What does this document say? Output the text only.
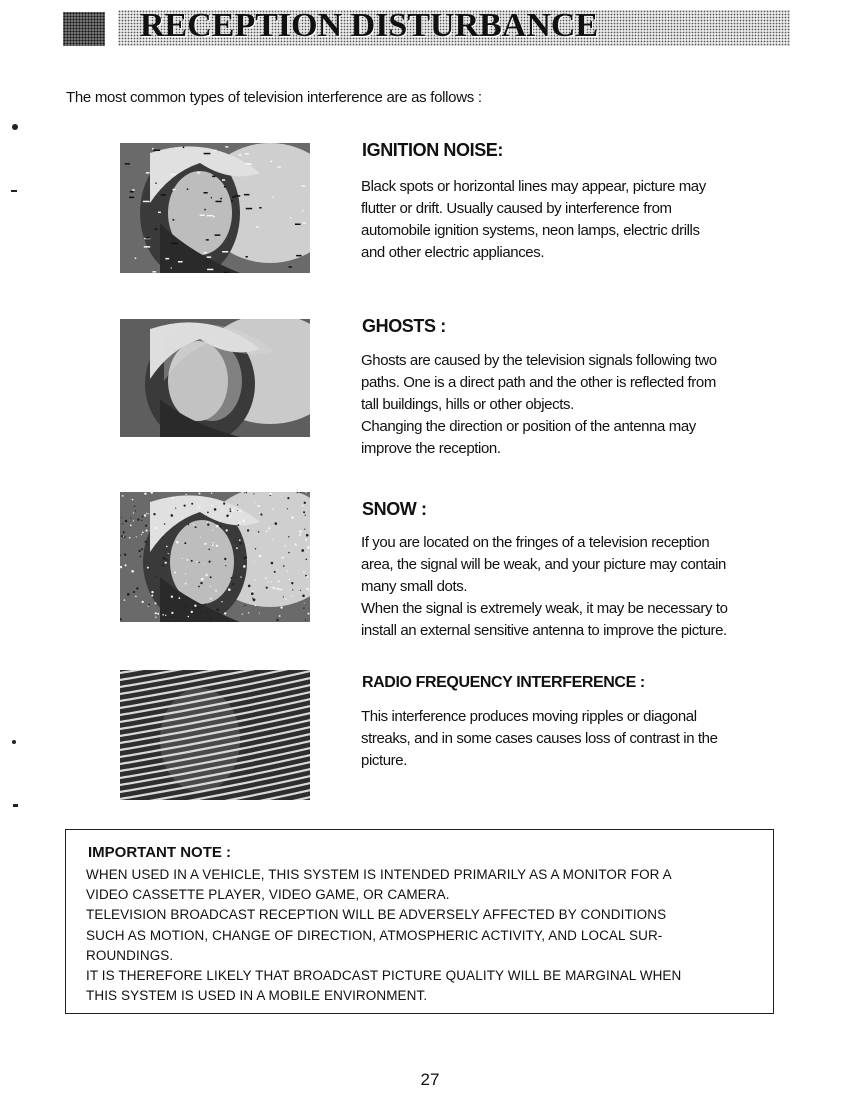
RECEPTION DISTURBANCE
The most common types of television interference are as follows :
IGNITION NOISE:

Black spots or horizontal lines may appear, picture may

flutter or drift. Usually caused by interference from

automobile ignition systems, neon lamps, electric drills

and other electric appliances.

GHOSTS :

Ghosts are caused by the television signals following two

paths. One is a direct path and the other is reflected from

tall buildings, hills or other objects.

Changing the direction or position of the antenna may

improve the reception.

SNOW :

If you are located on the fringes of a television reception

area, the signal will be weak, and your picture may contain

many small dots.

When the signal is extremely weak, it may be necessary to

install an external sensitive antenna to improve the picture.

RADIO FREQUENCY INTERFERENCE :

This interference produces moving ripples or diagonal

streaks, and in some cases causes loss of contrast in the

picture.

IMPORTANT NOTE :

WHEN USED IN A VEHICLE, THIS SYSTEM IS INTENDED PRIMARILY AS A MONITOR FOR A

VIDEO CASSETTE PLAYER, VIDEO GAME, OR CAMERA.

TELEVISION BROADCAST RECEPTION WILL BE ADVERSELY AFFECTED BY CONDITIONS

SUCH AS MOTION, CHANGE OF DIRECTION, ATMOSPHERIC ACTIVITY, AND LOCAL SUR-

ROUNDINGS.

IT IS THEREFORE LIKELY THAT BROADCAST PICTURE QUALITY WILL BE MARGINAL WHEN

THIS SYSTEM IS USED IN A MOBILE ENVIRONMENT.

27
